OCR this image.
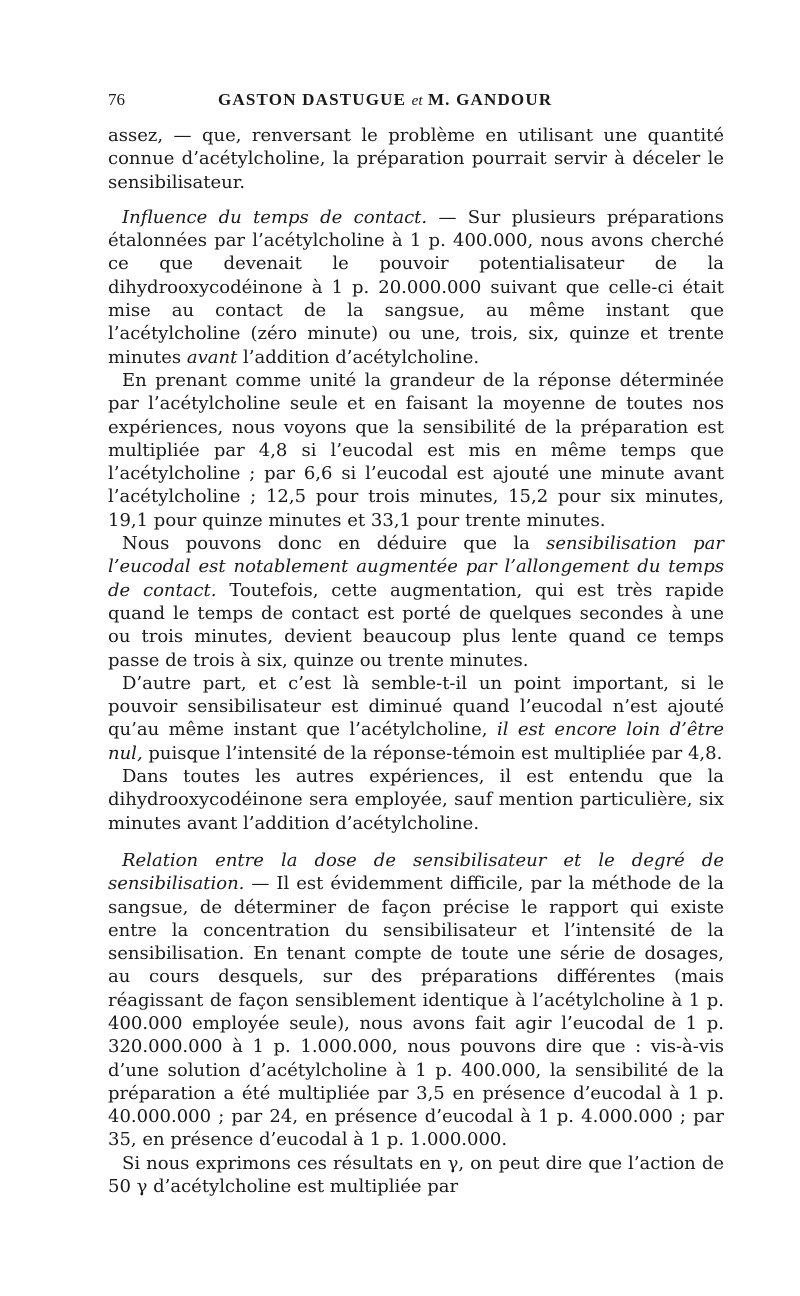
76	GASTON DASTUGUE et M. GANDOUR

assez, — que, renversant le problème en utilisant une quantité connue d’acétylcholine, la préparation pourrait servir à déceler le sensibilisateur.

Influence du temps de contact. — Sur plusieurs préparations étalonnées par l’acétylcholine à 1 p. 400.000, nous avons cherché ce que devenait le pouvoir potentialisateur de la dihydrooxycodéinone à 1 p. 20.000.000 suivant que celle-ci était mise au contact de la sangsue, au même instant que l’acétylcholine (zéro minute) ou une, trois, six, quinze et trente minutes avant l’addition d’acétylcholine.

En prenant comme unité la grandeur de la réponse déterminée par l’acétylcholine seule et en faisant la moyenne de toutes nos expériences, nous voyons que la sensibilité de la préparation est multipliée par 4,8 si l’eucodal est mis en même temps que l’acétylcholine ; par 6,6 si l’eucodal est ajouté une minute avant l’acétylcholine ; 12,5 pour trois minutes, 15,2 pour six minutes, 19,1 pour quinze minutes et 33,1 pour trente minutes.

Nous pouvons donc en déduire que la sensibilisation par l’eucodal est notablement augmentée par l’allongement du temps de contact. Toutefois, cette augmentation, qui est très rapide quand le temps de contact est porté de quelques secondes à une ou trois minutes, devient beaucoup plus lente quand ce temps passe de trois à six, quinze ou trente minutes.

D’autre part, et c’est là semble-t-il un point important, si le pouvoir sensibilisateur est diminué quand l’eucodal n’est ajouté qu’au même instant que l’acétylcholine, il est encore loin d’être nul, puisque l’intensité de la réponse-témoin est multipliée par 4,8.

Dans toutes les autres expériences, il est entendu que la dihydrooxycodéinone sera employée, sauf mention particulière, six minutes avant l’addition d’acétylcholine.

Relation entre la dose de sensibilisateur et le degré de sensibilisation. — Il est évidemment difficile, par la méthode de la sangsue, de déterminer de façon précise le rapport qui existe entre la concentration du sensibilisateur et l’intensité de la sensibilisation. En tenant compte de toute une série de dosages, au cours desquels, sur des préparations différentes (mais réagissant de façon sensiblement identique à l’acétylcholine à 1 p. 400.000 employée seule), nous avons fait agir l’eucodal de 1 p. 320.000.000 à 1 p. 1.000.000, nous pouvons dire que : vis-à-vis d’une solution d’acétylcholine à 1 p. 400.000, la sensibilité de la préparation a été multipliée par 3,5 en présence d’eucodal à 1 p. 40.000.000 ; par 24, en présence d’eucodal à 1 p. 4.000.000 ; par 35, en présence d’eucodal à 1 p. 1.000.000.

Si nous exprimons ces résultats en γ, on peut dire que l’action de 50 γ d’acétylcholine est multipliée par
